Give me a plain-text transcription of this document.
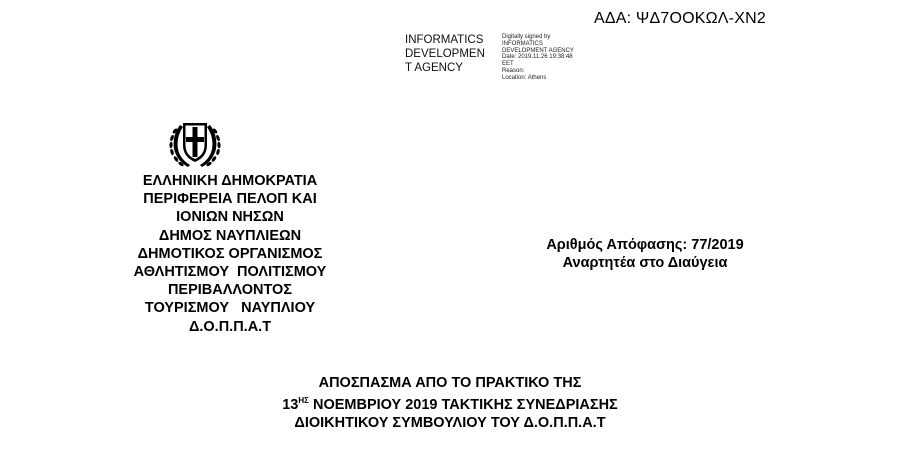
ΑΔΑ: ΨΔ7ΟΟΚΩΛ-ΧΝ2
INFORMATICS
DEVELOPMEN
T AGENCY
Digitally signed by
INFORMATICS
DEVELOPMENT AGENCY
Date: 2019.11.26 19:38:48
EET
Reason:
Location: Athens
ΕΛΛΗΝΙΚΗ ΔΗΜΟΚΡΑΤΙΑ
ΠΕΡΙΦΕΡΕΙΑ ΠΕΛΟΠ ΚΑΙ
ΙΟΝΙΩΝ ΝΗΣΩΝ
ΔΗΜΟΣ ΝΑΥΠΛΙΕΩΝ
ΔΗΜΟΤΙΚΟΣ ΟΡΓΑΝΙΣΜΟΣ
ΑΘΛΗΤΙΣΜΟΥ  ΠΟΛΙΤΙΣΜΟΥ
ΠΕΡΙΒΑΛΛΟΝΤΟΣ
ΤΟΥΡΙΣΜΟΥ   ΝΑΥΠΛΙΟΥ
Δ.Ο.Π.Π.Α.Τ
Αριθμός Απόφασης: 77/2019
Αναρτητέα στο Διαύγεια
ΑΠΟΣΠΑΣΜΑ ΑΠΟ ΤΟ ΠΡΑΚΤΙΚΟ ΤΗΣ
$13^{H\Sigma}$ ΝΟΕΜΒΡΙΟΥ 2019 ΤΑΚΤΙΚΗΣ ΣΥΝΕΔΡΙΑΣΗΣ
ΔΙΟΙΚΗΤΙΚΟΥ ΣΥΜΒΟΥΛΙΟΥ ΤΟΥ Δ.Ο.Π.Π.Α.Τ
